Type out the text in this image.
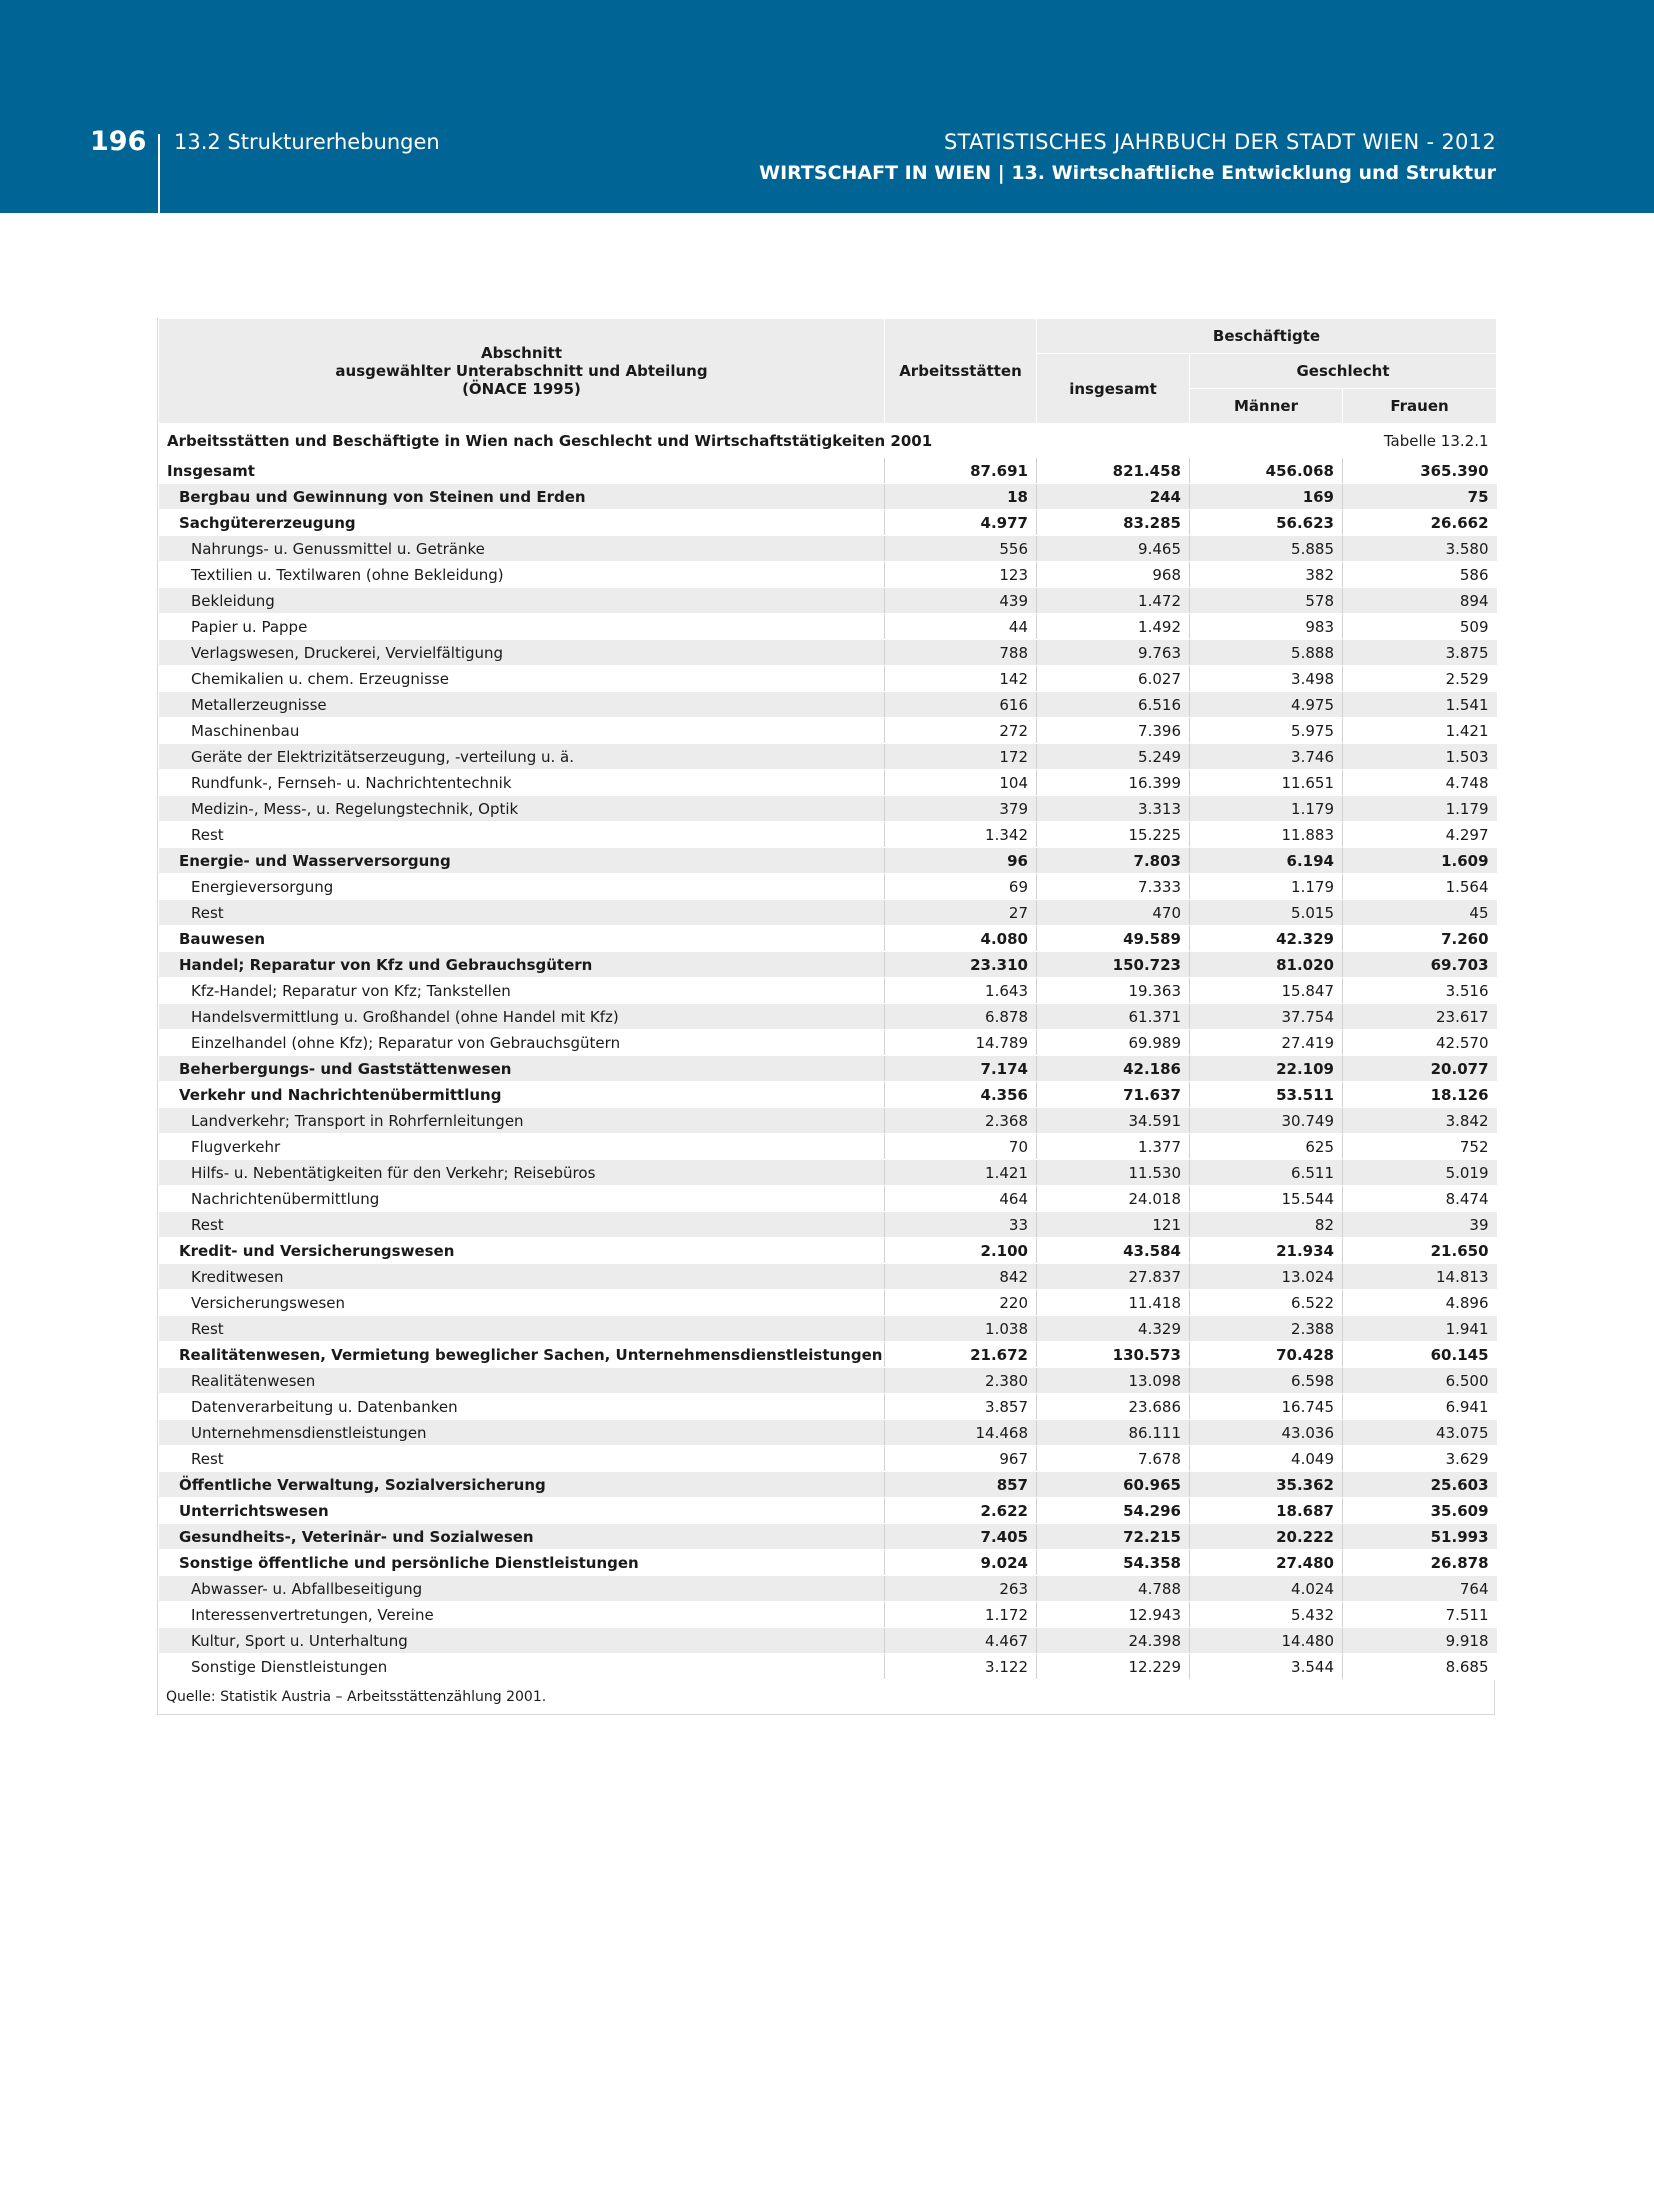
196 13.2 Strukturerhebungen	STATISTISCHES JAHRBUCH DER STADT WIEN - 2012
WIRTSCHAFT IN WIEN | 13. Wirtschaftliche Entwicklung und Struktur
Arbeitsstätten und Beschäftigte in Wien nach Geschlecht und Wirtschaftstätigkeiten 2001				Tabelle 13.2.1

Abschnitt
ausgewählter Unterabschnitt und Abteilung
(ÖNACE 1995)	Arbeitsstätten	Beschäftigte		
		insgesamt	Geschlecht	
			Männer	Frauen
Insgesamt	87.691	821.458	456.068	365.390
Bergbau und Gewinnung von Steinen und Erden	18	244	169	75
Sachgütererzeugung	4.977	83.285	56.623	26.662
Nahrungs- u. Genussmittel u. Getränke	556	9.465	5.885	3.580
Textilien u. Textilwaren (ohne Bekleidung)	123	968	382	586
Bekleidung	439	1.472	578	894
Papier u. Pappe	44	1.492	983	509
Verlagswesen, Druckerei, Vervielfältigung	788	9.763	5.888	3.875
Chemikalien u. chem. Erzeugnisse	142	6.027	3.498	2.529
Metallerzeugnisse	616	6.516	4.975	1.541
Maschinenbau	272	7.396	5.975	1.421
Geräte der Elektrizitätserzeugung, -verteilung u. ä.	172	5.249	3.746	1.503
Rundfunk-, Fernseh- u. Nachrichtentechnik	104	16.399	11.651	4.748
Medizin-, Mess-, u. Regelungstechnik, Optik	379	3.313	1.179	1.179
Rest	1.342	15.225	11.883	4.297
Energie- und Wasserversorgung	96	7.803	6.194	1.609
Energieversorgung	69	7.333	1.179	1.564
Rest	27	470	5.015	45
Bauwesen	4.080	49.589	42.329	7.260
Handel; Reparatur von Kfz und Gebrauchsgütern	23.310	150.723	81.020	69.703
Kfz-Handel; Reparatur von Kfz; Tankstellen	1.643	19.363	15.847	3.516
Handelsvermittlung u. Großhandel (ohne Handel mit Kfz)	6.878	61.371	37.754	23.617
Einzelhandel (ohne Kfz); Reparatur von Gebrauchsgütern	14.789	69.989	27.419	42.570
Beherbergungs- und Gaststättenwesen	7.174	42.186	22.109	20.077
Verkehr und Nachrichtenübermittlung	4.356	71.637	53.511	18.126
Landverkehr; Transport in Rohrfernleitungen	2.368	34.591	30.749	3.842
Flugverkehr	70	1.377	625	752
Hilfs- u. Nebentätigkeiten für den Verkehr; Reisebüros	1.421	11.530	6.511	5.019
Nachrichtenübermittlung	464	24.018	15.544	8.474
Rest	33	121	82	39
Kredit- und Versicherungswesen	2.100	43.584	21.934	21.650
Kreditwesen	842	27.837	13.024	14.813
Versicherungswesen	220	11.418	6.522	4.896
Rest	1.038	4.329	2.388	1.941
Realitätenwesen, Vermietung beweglicher Sachen, Unternehmensdienstleistungen	21.672	130.573	70.428	60.145
Realitätenwesen	2.380	13.098	6.598	6.500
Datenverarbeitung u. Datenbanken	3.857	23.686	16.745	6.941
Unternehmensdienstleistungen	14.468	86.111	43.036	43.075
Rest	967	7.678	4.049	3.629
Öffentliche Verwaltung, Sozialversicherung	857	60.965	35.362	25.603
Unterrichtswesen	2.622	54.296	18.687	35.609
Gesundheits-, Veterinär- und Sozialwesen	7.405	72.215	20.222	51.993
Sonstige öffentliche und persönliche Dienstleistungen	9.024	54.358	27.480	26.878
Abwasser- u. Abfallbeseitigung	263	4.788	4.024	764
Interessenvertretungen, Vereine	1.172	12.943	5.432	7.511
Kultur, Sport u. Unterhaltung	4.467	24.398	14.480	9.918
Sonstige Dienstleistungen	3.122	12.229	3.544	8.685
Quelle: Statistik Austria – Arbeitsstättenzählung 2001.
